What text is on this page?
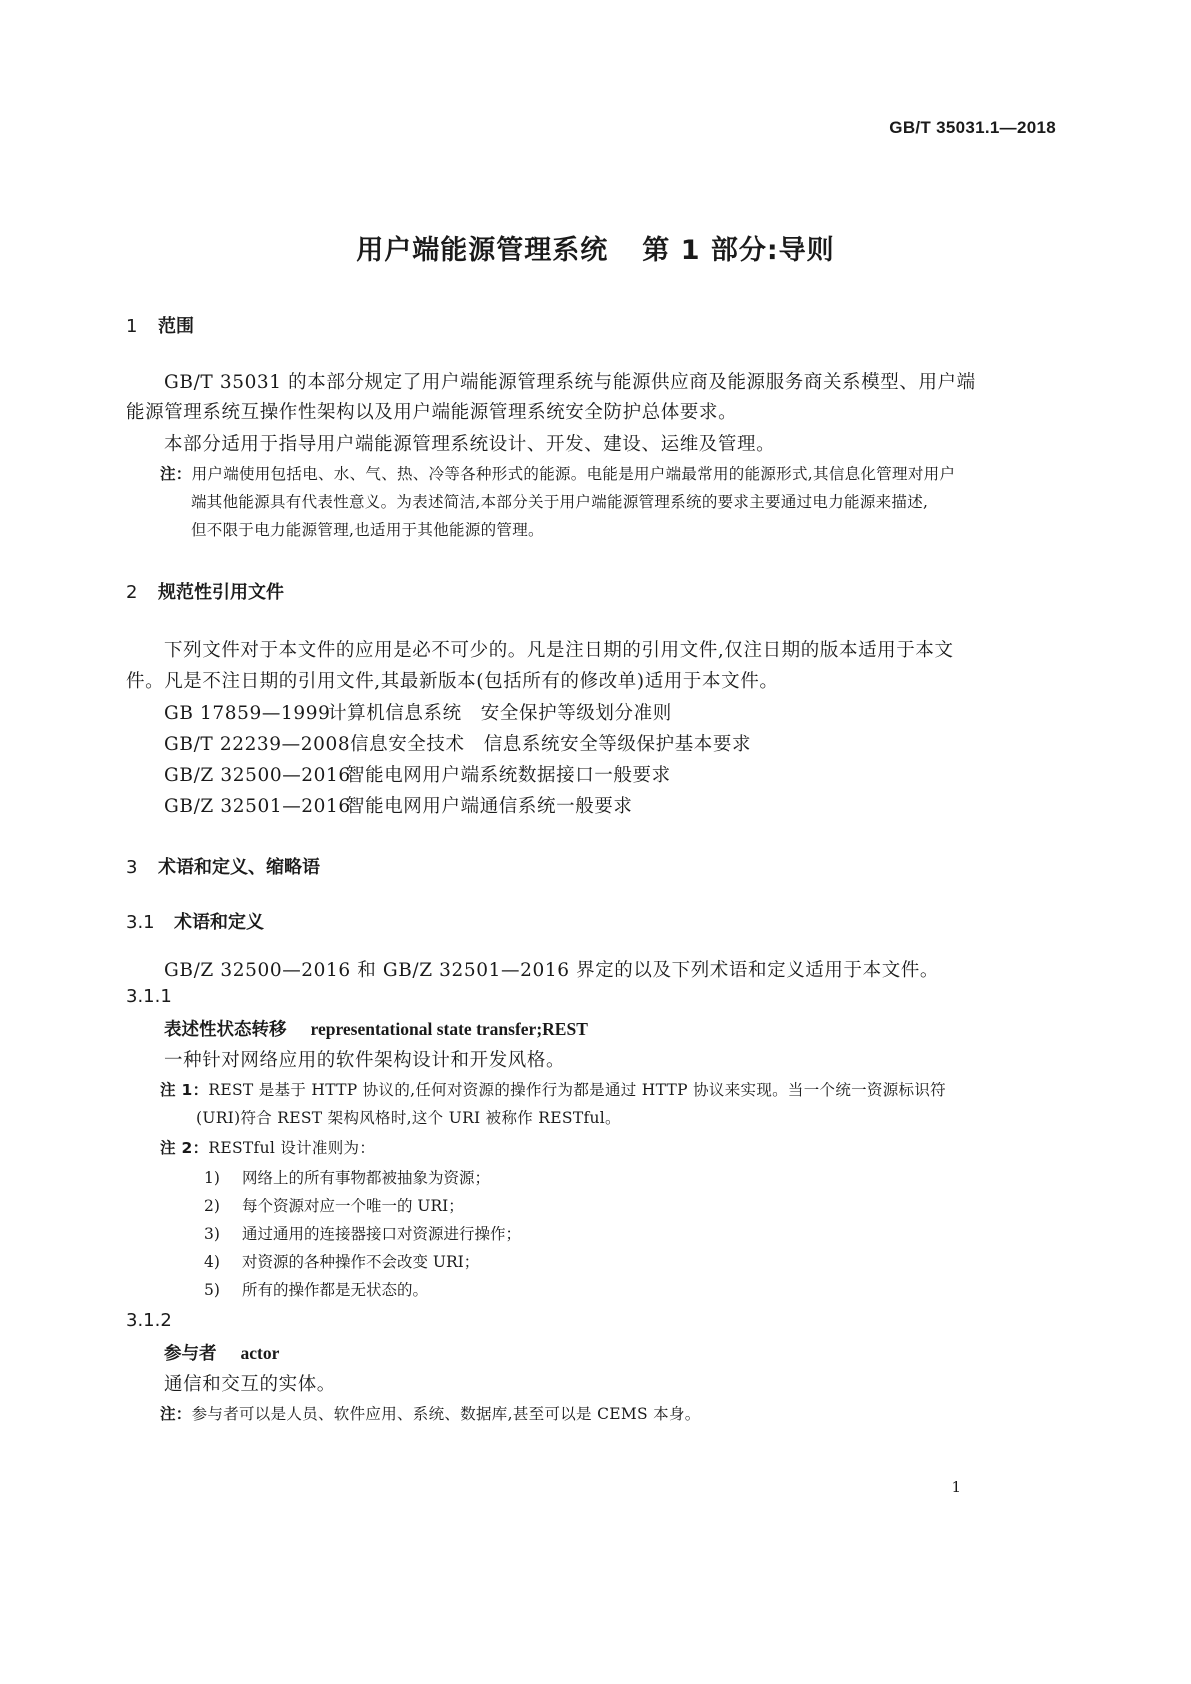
GB/T 35031.1—2018
用户端能源管理系统 第 1 部分:导则
1 范围
GB/T 35031 的本部分规定了用户端能源管理系统与能源供应商及能源服务商关系模型、用户端
能源管理系统互操作性架构以及用户端能源管理系统安全防护总体要求。
本部分适用于指导用户端能源管理系统设计、开发、建设、运维及管理。
注：用户端使用包括电、水、气、热、冷等各种形式的能源。电能是用户端最常用的能源形式,其信息化管理对用户
端其他能源具有代表性意义。为表述简洁,本部分关于用户端能源管理系统的要求主要通过电力能源来描述,
但不限于电力能源管理,也适用于其他能源的管理。
2 规范性引用文件
下列文件对于本文件的应用是必不可少的。凡是注日期的引用文件,仅注日期的版本适用于本文
件。凡是不注日期的引用文件,其最新版本(包括所有的修改单)适用于本文件。
GB 17859—1999计算机信息系统　安全保护等级划分准则
GB/T 22239—2008信息安全技术　信息系统安全等级保护基本要求
GB/Z 32500—2016智能电网用户端系统数据接口一般要求
GB/Z 32501—2016智能电网用户端通信系统一般要求
3 术语和定义、缩略语
3.1 术语和定义
GB/Z 32500—2016 和 GB/Z 32501—2016 界定的以及下列术语和定义适用于本文件。
3.1.1
表述性状态转移 representational state transfer;REST
一种针对网络应用的软件架构设计和开发风格。
注 1：REST 是基于 HTTP 协议的,任何对资源的操作行为都是通过 HTTP 协议来实现。当一个统一资源标识符
(URI)符合 REST 架构风格时,这个 URI 被称作 RESTful。
注 2：RESTful 设计准则为：
1) 网络上的所有事物都被抽象为资源；
2) 每个资源对应一个唯一的 URI；
3) 通过通用的连接器接口对资源进行操作；
4) 对资源的各种操作不会改变 URI；
5) 所有的操作都是无状态的。
3.1.2
参与者 actor
通信和交互的实体。
注：参与者可以是人员、软件应用、系统、数据库,甚至可以是 CEMS 本身。
1
